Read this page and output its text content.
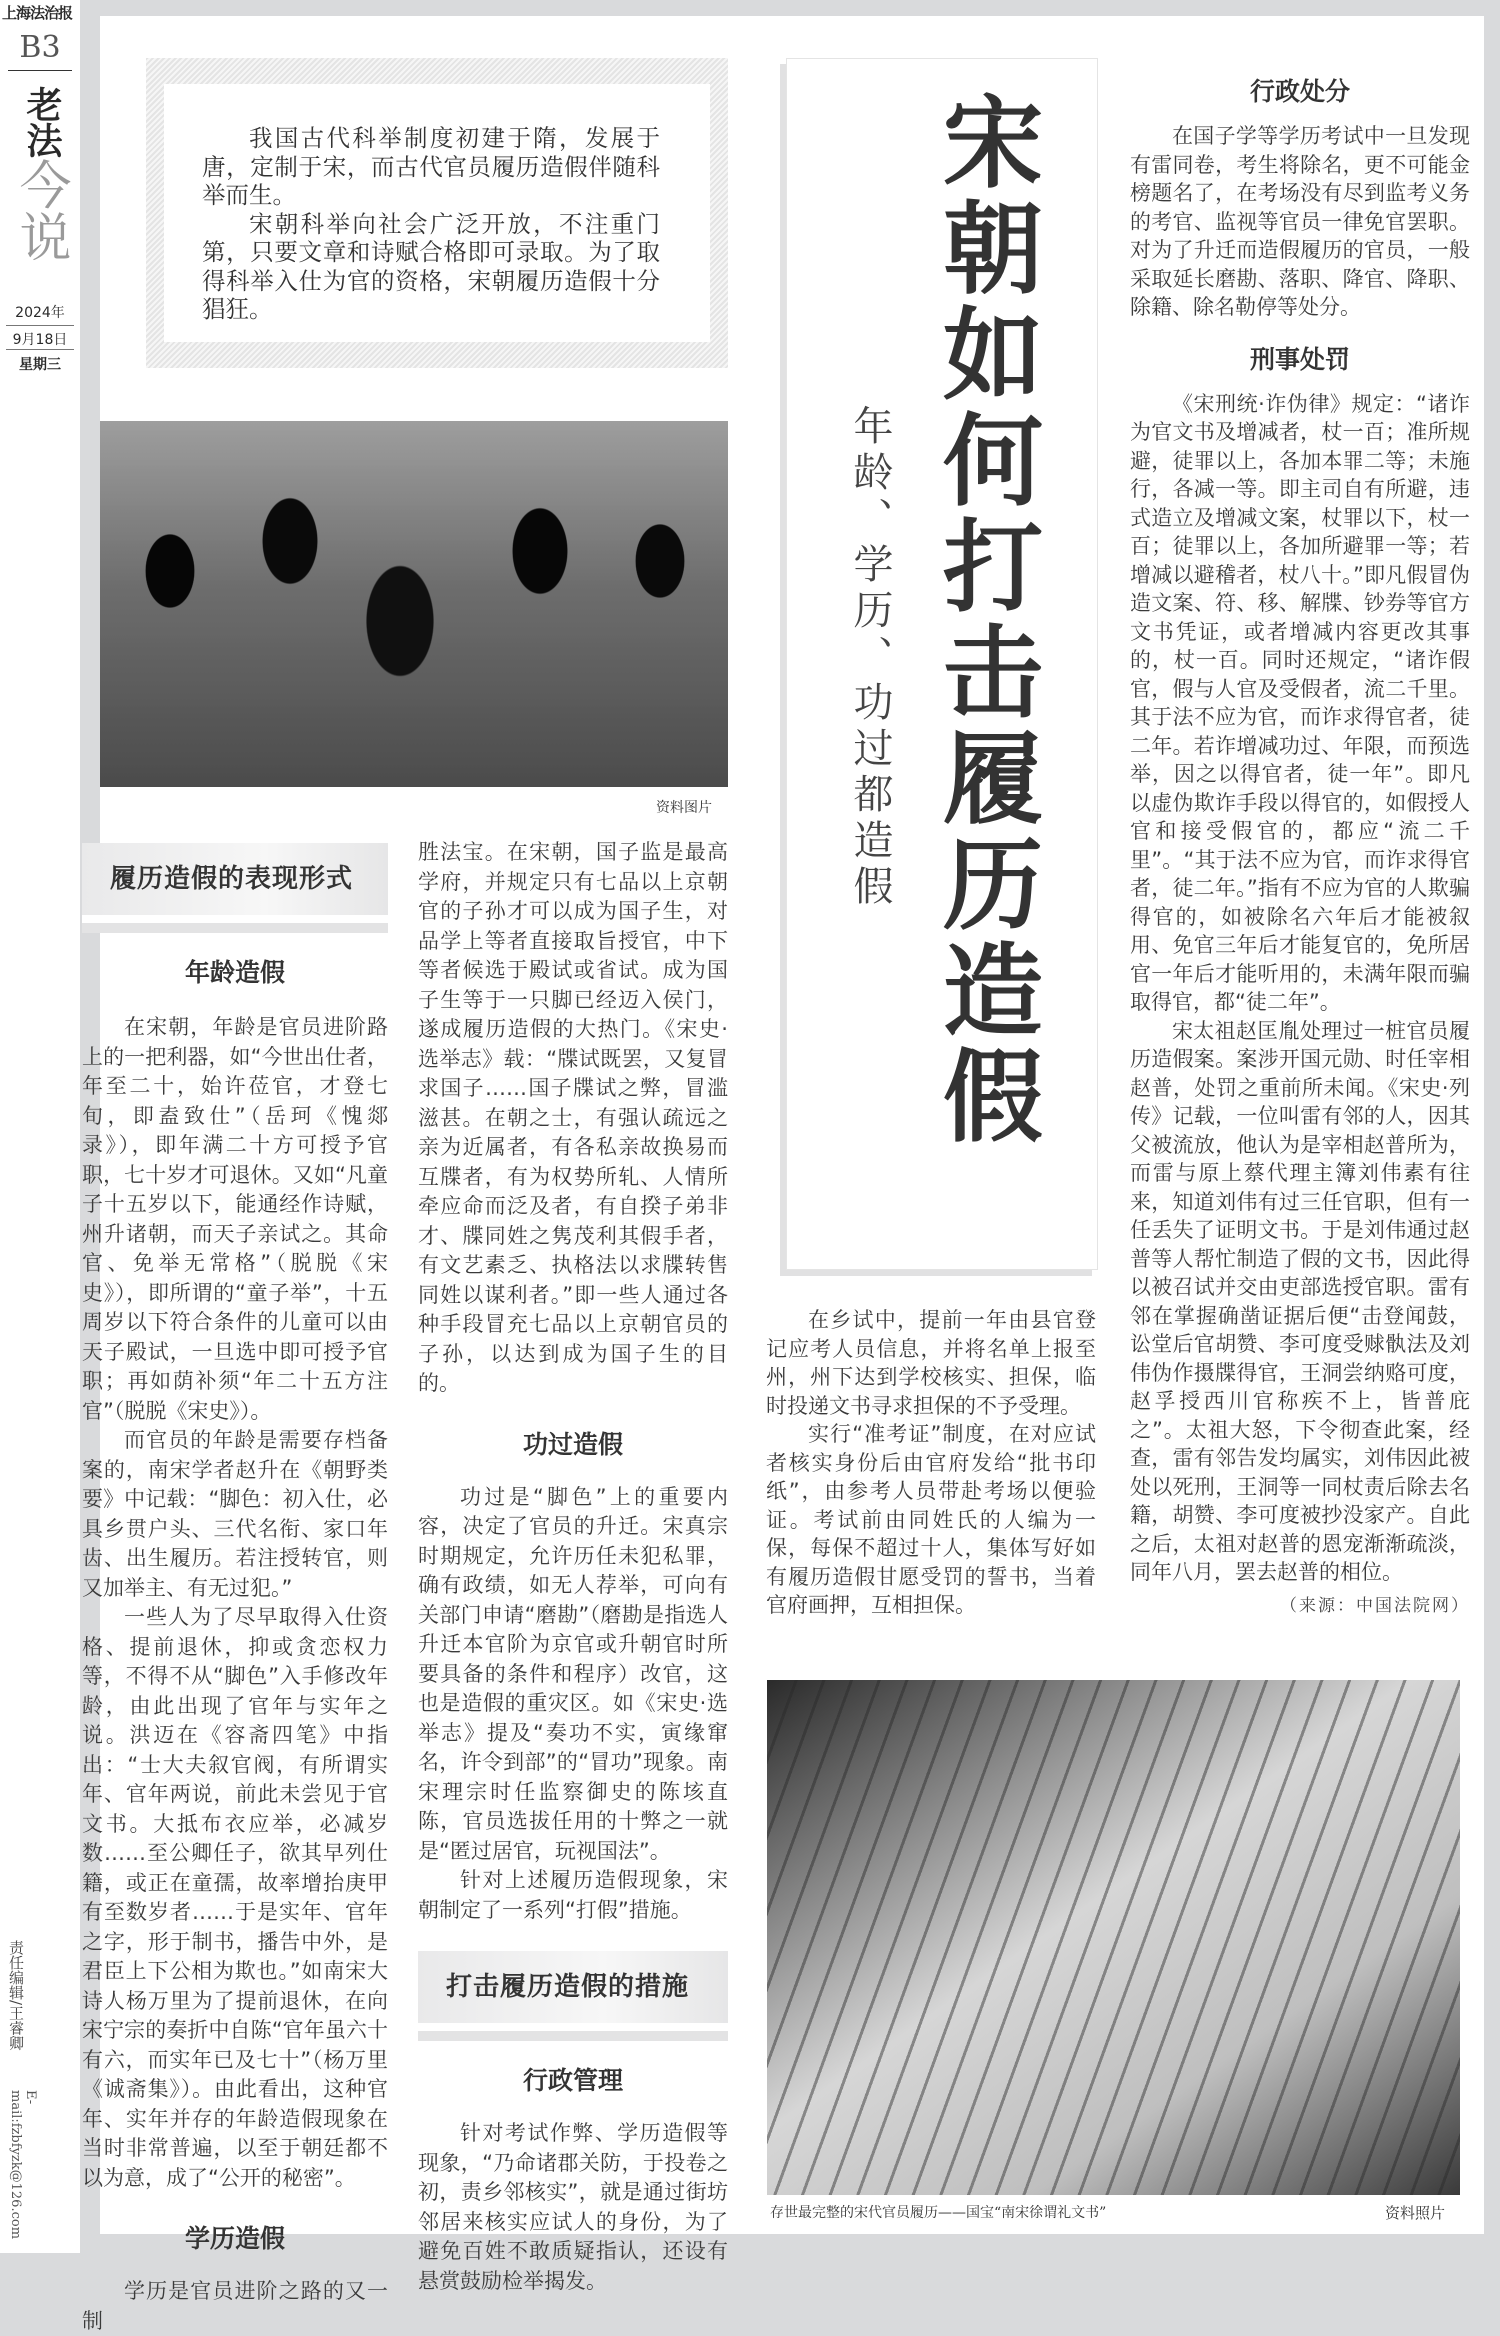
上海法治报
B3
老法
今说
2024年
9月18日
星期三
责任编辑/王睿卿
E-mail:fzbfyzk@126.com

我国古代科举制度初建于隋，发展于唐，定制于宋，而古代官员履历造假伴随科举而生。

宋朝科举向社会广泛开放，不注重门第，只要文章和诗赋合格即可录取。为了取得科举入仕为官的资格，宋朝履历造假十分猖狂。

资料图片 宋朝如何打击履历造假
年龄、学历、功过都造假
履历造假的表现形式
年龄造假

在宋朝，年龄是官员进阶路上的一把利器，如“今世出仕者，年至二十，始许莅官，才登七旬，即盍致仕”（岳珂《愧郯录》），即年满二十方可授予官职，七十岁才可退休。又如“凡童子十五岁以下，能通经作诗赋，州升诸朝，而天子亲试之。其命官、免举无常格”（脱脱《宋史》），即所谓的“童子举”，十五周岁以下符合条件的儿童可以由天子殿试，一旦选中即可授予官职；再如荫补须“年二十五方注官”（脱脱《宋史》）。

而官员的年龄是需要存档备案的，南宋学者赵升在《朝野类要》中记载：“脚色：初入仕，必具乡贯户头、三代名衔、家口年齿、出生履历。若注授转官，则又加举主、有无过犯。”

一些人为了尽早取得入仕资格、提前退休，抑或贪恋权力等，不得不从“脚色”入手修改年龄，由此出现了官年与实年之说。洪迈在《容斋四笔》中指出：“士大夫叙官阀，有所谓实年、官年两说，前此未尝见于官文书。大抵布衣应举，必减岁数……至公卿任子，欲其早列仕籍，或正在童孺，故率增抬庚甲有至数岁者……于是实年、官年之字，形于制书，播告中外，是君臣上下公相为欺也。”如南宋大诗人杨万里为了提前退休，在向宋宁宗的奏折中自陈“官年虽六十有六，而实年已及七十”（杨万里《诚斋集》）。由此看出，这种官年、实年并存的年龄造假现象在当时非常普遍，以至于朝廷都不以为意，成了“公开的秘密”。

学历造假

学历是官员进阶之路的又一制

胜法宝。在宋朝，国子监是最高学府，并规定只有七品以上京朝官的子孙才可以成为国子生，对品学上等者直接取旨授官，中下等者候选于殿试或省试。成为国子生等于一只脚已经迈入侯门，遂成履历造假的大热门。《宋史·选举志》载：“牒试既罢，又复冒求国子……国子牒试之弊，冒滥滋甚。在朝之士，有强认疏远之亲为近属者，有各私亲故换易而互牒者，有为权势所轧、人情所牵应命而泛及者，有自揆子弟非才、牒同姓之隽茂利其假手者，有文艺素乏、执格法以求牒转售同姓以谋利者。”即一些人通过各种手段冒充七品以上京朝官员的子孙，以达到成为国子生的目的。

功过造假

功过是“脚色”上的重要内容，决定了官员的升迁。宋真宗时期规定，允许历任未犯私罪，确有政绩，如无人荐举，可向有关部门申请“磨勘”（磨勘是指选人升迁本官阶为京官或升朝官时所要具备的条件和程序）改官，这也是造假的重灾区。如《宋史·选举志》提及“奏功不实，寅缘窜名，许令到部”的“冒功”现象。南宋理宗时任监察御史的陈垓直陈，官员选拔任用的十弊之一就是“匿过居官，玩视国法”。

针对上述履历造假现象，宋朝制定了一系列“打假”措施。

打击履历造假的措施
行政管理

针对考试作弊、学历造假等现象，“乃命诸郡关防，于投卷之初，责乡邻核实”，就是通过街坊邻居来核实应试人的身份，为了避免百姓不敢质疑指认，还设有悬赏鼓励检举揭发。

在乡试中，提前一年由县官登记应考人员信息，并将名单上报至州，州下达到学校核实、担保，临时投递文书寻求担保的不予受理。

实行“准考证”制度，在对应试者核实身份后由官府发给“批书印纸”，由参考人员带赴考场以便验证。考试前由同姓氏的人编为一保，每保不超过十人，集体写好如有履历造假甘愿受罚的誓书，当着官府画押，互相担保。

行政处分

在国子学等学历考试中一旦发现有雷同卷，考生将除名，更不可能金榜题名了，在考场没有尽到监考义务的考官、监视等官员一律免官罢职。对为了升迁而造假履历的官员，一般采取延长磨勘、落职、降官、降职、除籍、除名勒停等处分。

刑事处罚

《宋刑统·诈伪律》规定：“诸诈为官文书及增减者，杖一百；准所规避，徒罪以上，各加本罪二等；未施行，各减一等。即主司自有所避，违式造立及增减文案，杖罪以下，杖一百；徒罪以上，各加所避罪一等；若增减以避稽者，杖八十。”即凡假冒伪造文案、符、移、解牒、钞券等官方文书凭证，或者增减内容更改其事的，杖一百。同时还规定，“诸诈假官，假与人官及受假者，流二千里。其于法不应为官，而诈求得官者，徒二年。若诈增减功过、年限，而预选举，因之以得官者，徒一年”。即凡以虚伪欺诈手段以得官的，如假授人官和接受假官的，都应“流二千里”。“其于法不应为官，而诈求得官者，徒二年。”指有不应为官的人欺骗得官的，如被除名六年后才能被叙用、免官三年后才能复官的，免所居官一年后才能听用的，未满年限而骗取得官，都“徒二年”。

宋太祖赵匡胤处理过一桩官员履历造假案。案涉开国元勋、时任宰相赵普，处罚之重前所未闻。《宋史·列传》记载，一位叫雷有邻的人，因其父被流放，他认为是宰相赵普所为，而雷与原上蔡代理主簿刘伟素有往来，知道刘伟有过三任官职，但有一任丢失了证明文书。于是刘伟通过赵普等人帮忙制造了假的文书，因此得以被召试并交由吏部选授官职。雷有邻在掌握确凿证据后便“击登闻鼓，讼堂后官胡赞、李可度受赇骫法及刘伟伪作摄牒得官，王洞尝纳赂可度，赵孚授西川官称疾不上，皆普庇之”。太祖大怒，下令彻查此案，经查，雷有邻告发均属实，刘伟因此被处以死刑，王洞等一同杖责后除去名籍，胡赞、李可度被抄没家产。自此之后，太祖对赵普的恩宠渐渐疏淡，同年八月，罢去赵普的相位。

（来源：中国法院网）
存世最完整的宋代官员履历——国宝“南宋徐谓礼文书”	资料照片
